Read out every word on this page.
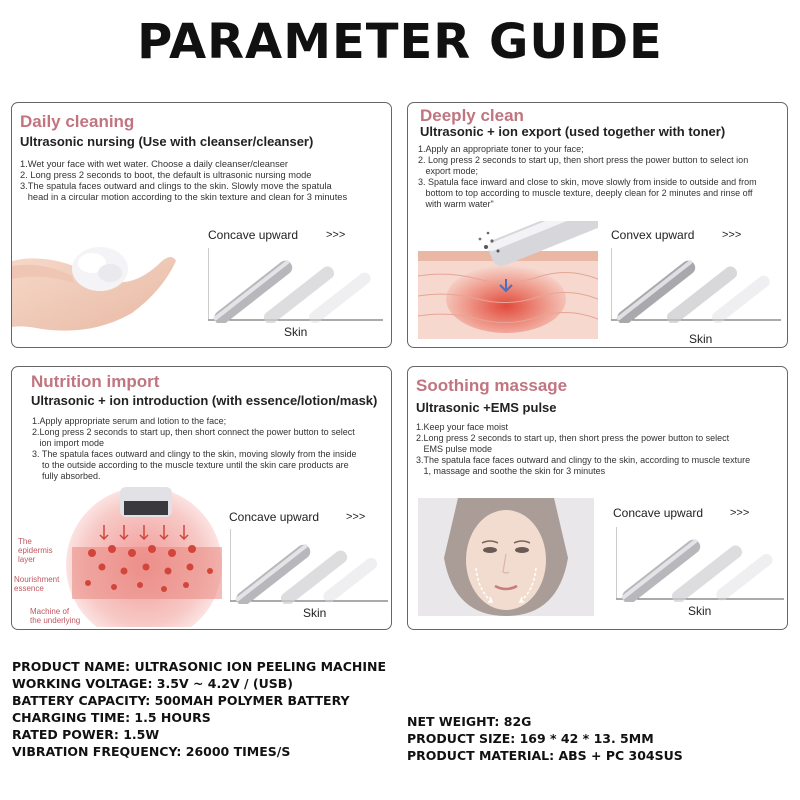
PARAMETER GUIDE
Daily cleaning
Ultrasonic nursing (Use with cleanser/cleanser)
1.Wet your face with wet water. Choose a daily cleanser/cleanser
2. Long press 2 seconds to boot, the default is ultrasonic nursing mode
3.The spatula faces outward and clings to the skin. Slowly move the spatula
head in a circular motion according to the skin texture and clean for 3 minutes
Concave upward	>>>
Skin
Deeply clean
Ultrasonic + ion export (used together with toner)
1.Apply an appropriate toner to your face;
2. Long press 2 seconds to start up, then short press the power button to select ion
export mode;
3. Spatula face inward and close to skin, move slowly from inside to outside and from
bottom to top according to muscle texture, deeply clean for 2 minutes and rinse off
with warm water"
Convex upward	>>>
Skin
Nutrition import
Ultrasonic + ion introduction (with essence/lotion/mask)
1.Apply appropriate serum and lotion to the face;
2.Long press 2 seconds to start up, then short connect the power button to select
ion import mode
3. The spatula faces outward and clingy to the skin, moving slowly from the inside
to the outside according to the muscle texture until the skin care products are
fully absorbed.
The
epidermis
layer
Nourishment
essence
Machine of
the underlying
Concave upward >>>
Skin
Soothing massage
Ultrasonic +EMS pulse
1.Keep your face moist
2.Long press 2 seconds to start up, then short press the power button to select
EMS pulse mode
3.The spatula face faces outward and clingy to the skin, according to muscle texture
1, massage and soothe the skin for 3 minutes
Concave upward >>>
Skin
PRODUCT NAME: ULTRASONIC ION PEELING MACHINE
WORKING VOLTAGE: 3.5V ~ 4.2V / (USB)
BATTERY CAPACITY: 500MAH POLYMER BATTERY
CHARGING TIME: 1.5 HOURS
RATED POWER: 1.5W
VIBRATION FREQUENCY: 26000 TIMES/S
NET WEIGHT: 82G
PRODUCT SIZE: 169 * 42 * 13. 5MM
PRODUCT MATERIAL: ABS + PC 304SUS
